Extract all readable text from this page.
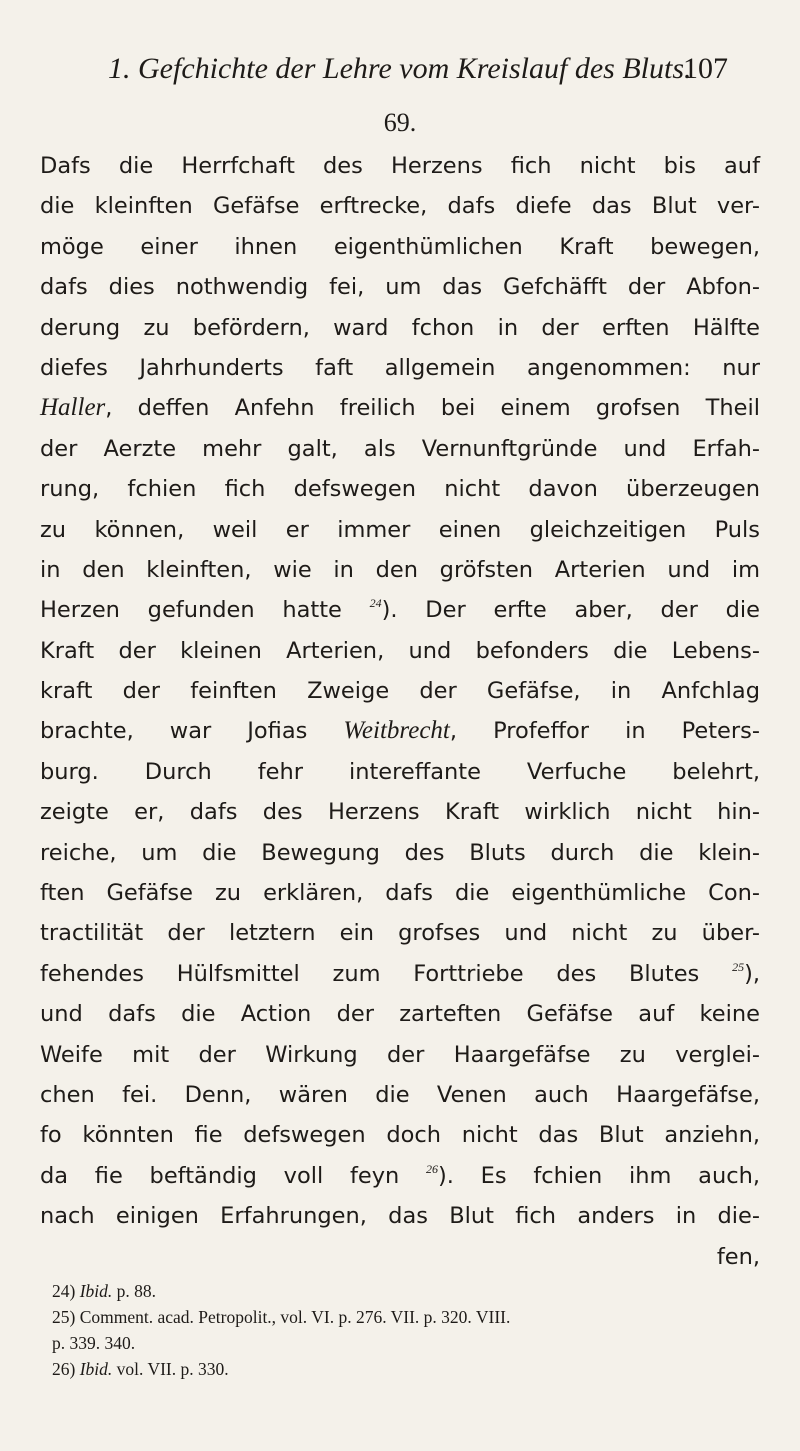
1. Gefchichte der Lehre vom Kreislauf des Bluts.
107
69.
Dafs die Herrfchaft des Herzens fich nicht bis auf
die kleinften Gefäfse erftrecke, dafs diefe das Blut ver-
möge einer ihnen eigenthümlichen Kraft bewegen,
dafs dies nothwendig fei, um das Gefchäfft der Abfon-
derung zu befördern, ward fchon in der erften Hälfte
diefes Jahrhunderts faft allgemein angenommen: nur
Haller, deffen Anfehn freilich bei einem grofsen Theil
der Aerzte mehr galt, als Vernunftgründe und Erfah-
rung, fchien fich defswegen nicht davon überzeugen
zu können, weil er immer einen gleichzeitigen Puls
in den kleinften, wie in den gröfsten Arterien und im
Herzen gefunden hatte $^{24}$). Der erfte aber, der die
Kraft der kleinen Arterien, und befonders die Lebens-
kraft der feinften Zweige der Gefäfse, in Anfchlag
brachte, war Jofias Weitbrecht, Profeffor in Peters-
burg. Durch fehr intereffante Verfuche belehrt,
zeigte er, dafs des Herzens Kraft wirklich nicht hin-
reiche, um die Bewegung des Bluts durch die klein-
ften Gefäfse zu erklären, dafs die eigenthümliche Con-
tractilität der letztern ein grofses und nicht zu über-
fehendes Hülfsmittel zum Forttriebe des Blutes $^{25}$),
und dafs die Action der zarteften Gefäfse auf keine
Weife mit der Wirkung der Haargefäfse zu verglei-
chen fei. Denn, wären die Venen auch Haargefäfse,
fo könnten fie defswegen doch nicht das Blut anziehn,
da fie beftändig voll feyn $^{26}$). Es fchien ihm auch,
nach einigen Erfahrungen, das Blut fich anders in die-
fen,
24) Ibid. p. 88.
25) Comment. acad. Petropolit., vol. VI. p. 276. VII. p. 320. VIII.
p. 339. 340.
26) Ibid. vol. VII. p. 330.
